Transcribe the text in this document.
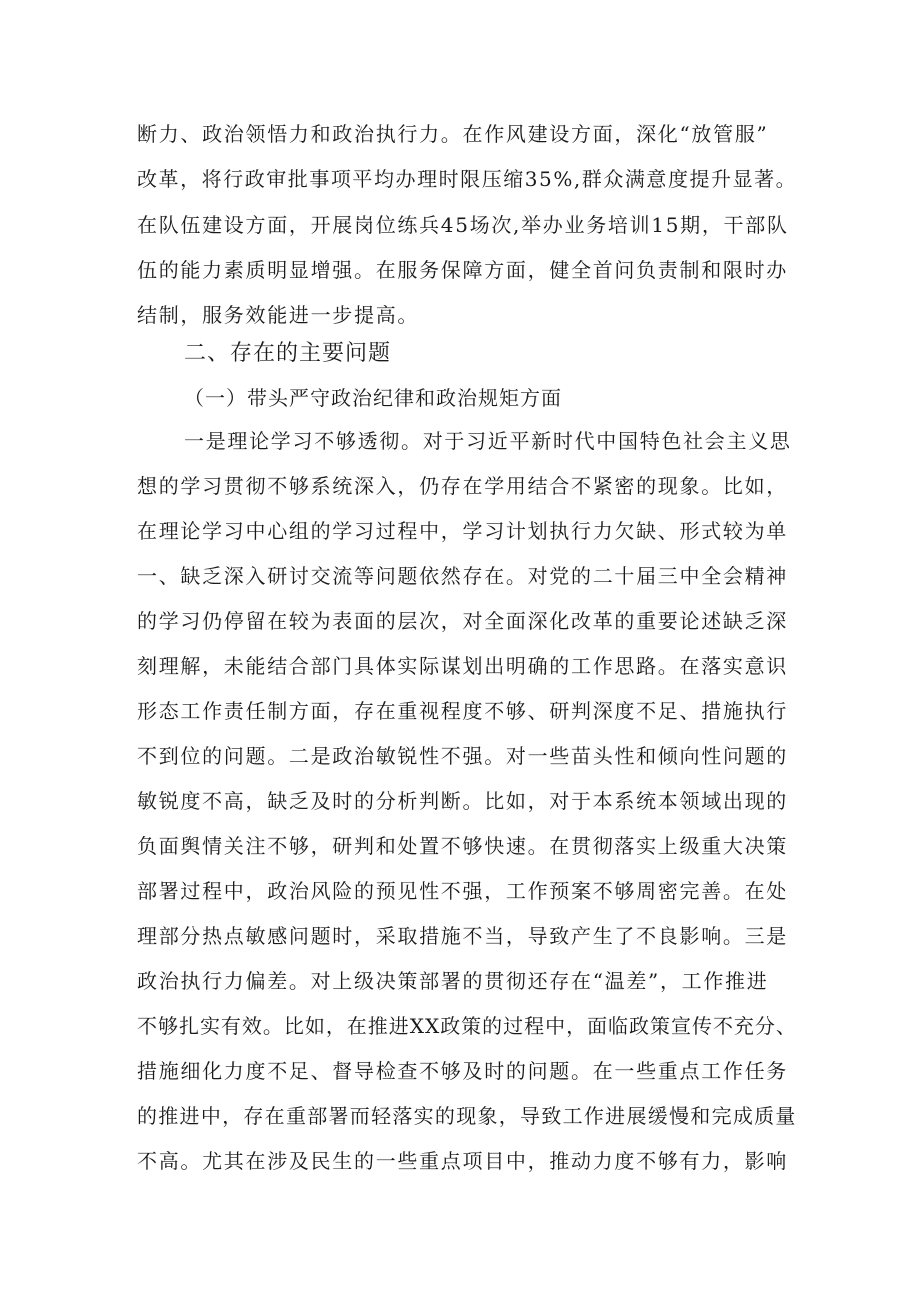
断力、政治领悟力和政治执行力。在作风建设方面，深化“放管服”
改革，将行政审批事项平均办理时限压缩35%,群众满意度提升显著。
在队伍建设方面，开展岗位练兵45场次,举办业务培训15期，干部队
伍的能力素质明显增强。在服务保障方面，健全首问负责制和限时办
结制，服务效能进一步提高。
二、存在的主要问题
（一）带头严守政治纪律和政治规矩方面
一是理论学习不够透彻。对于习近平新时代中国特色社会主义思
想的学习贯彻不够系统深入，仍存在学用结合不紧密的现象。比如，
在理论学习中心组的学习过程中，学习计划执行力欠缺、形式较为单
一、缺乏深入研讨交流等问题依然存在。对党的二十届三中全会精神
的学习仍停留在较为表面的层次，对全面深化改革的重要论述缺乏深
刻理解，未能结合部门具体实际谋划出明确的工作思路。在落实意识
形态工作责任制方面，存在重视程度不够、研判深度不足、措施执行
不到位的问题。二是政治敏锐性不强。对一些苗头性和倾向性问题的
敏锐度不高，缺乏及时的分析判断。比如，对于本系统本领域出现的
负面舆情关注不够，研判和处置不够快速。在贯彻落实上级重大决策
部署过程中，政治风险的预见性不强，工作预案不够周密完善。在处
理部分热点敏感问题时，采取措施不当，导致产生了不良影响。三是
政治执行力偏差。对上级决策部署的贯彻还存在“温差”，工作推进
不够扎实有效。比如，在推进XX政策的过程中，面临政策宣传不充分、
措施细化力度不足、督导检查不够及时的问题。在一些重点工作任务
的推进中，存在重部署而轻落实的现象，导致工作进展缓慢和完成质量
不高。尤其在涉及民生的一些重点项目中，推动力度不够有力，影响
